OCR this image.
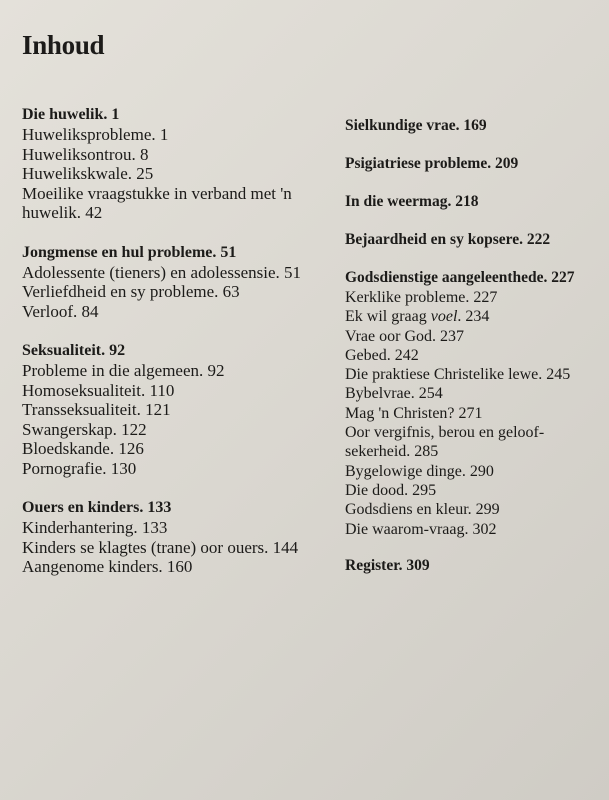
Inhoud
Die huwelik. 1
Huweliksprobleme. 1
Huweliksontrou. 8
Huwelikskwale. 25
Moeilike vraagstukke in verband met 'n
huwelik. 42
Jongmense en hul probleme. 51
Adolessente (tieners) en adolessensie. 51
Verliefdheid en sy probleme. 63
Verloof. 84
Seksualiteit. 92
Probleme in die algemeen. 92
Homoseksualiteit. 110
Transseksualiteit. 121
Swangerskap. 122
Bloedskande. 126
Pornografie. 130
Ouers en kinders. 133
Kinderhantering. 133
Kinders se klagtes (trane) oor ouers. 144
Aangenome kinders. 160
Sielkundige vrae. 169
Psigiatriese probleme. 209
In die weermag. 218
Bejaardheid en sy kopsere. 222
Godsdienstige aangeleenthede. 227
Kerklike probleme. 227
Ek wil graag voel. 234
Vrae oor God. 237
Gebed. 242
Die praktiese Christelike lewe. 245
Bybelvrae. 254
Mag 'n Christen? 271
Oor vergifnis, berou en geloof-
sekerheid. 285
Bygelowige dinge. 290
Die dood. 295
Godsdiens en kleur. 299
Die waarom-vraag. 302
Register. 309
